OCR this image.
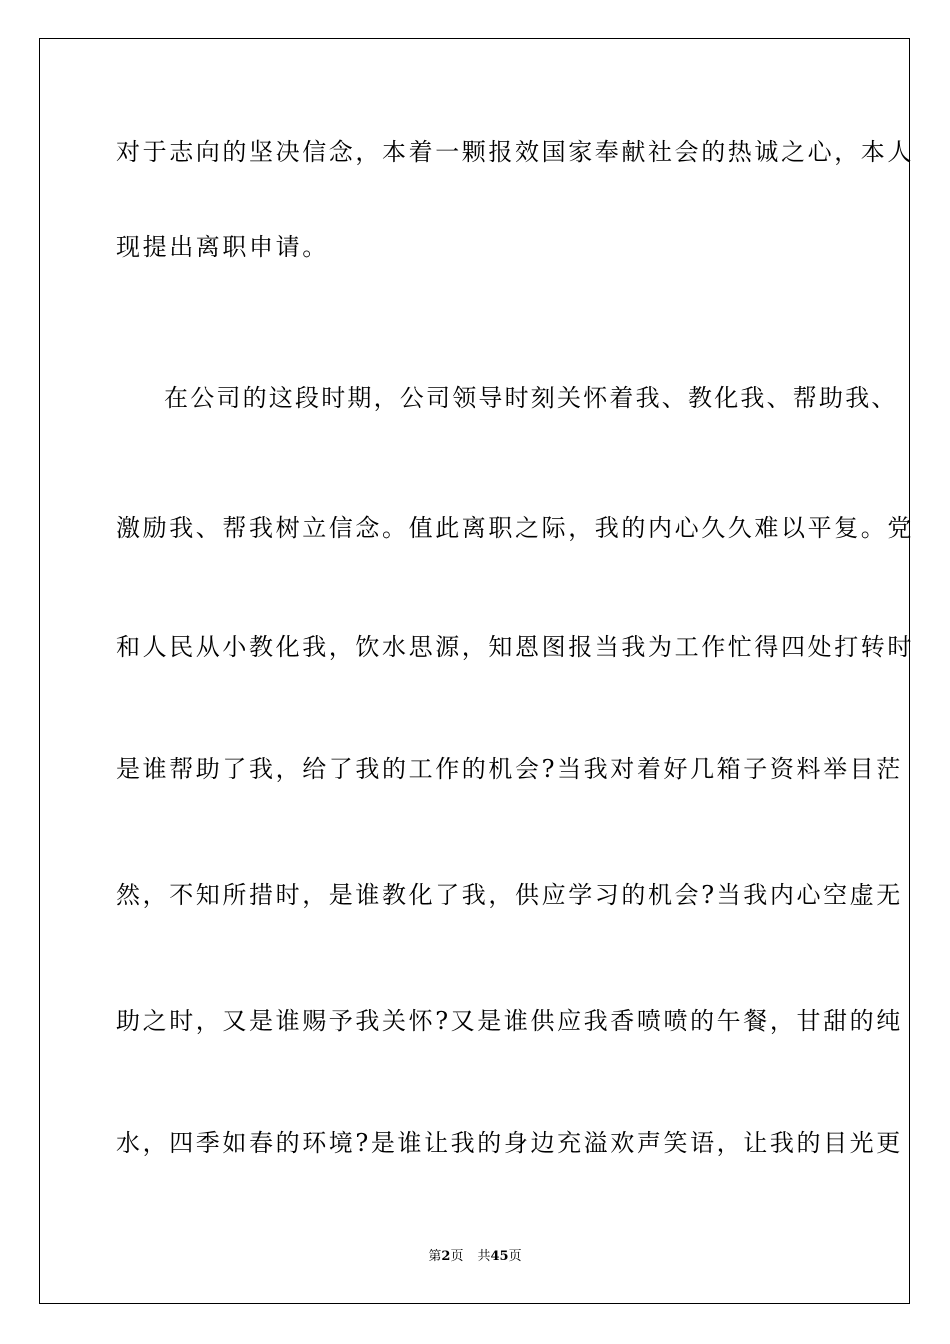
对于志向的坚决信念，本着一颗报效国家奉献社会的热诚之心，本人
现提出离职申请。
在公司的这段时期，公司领导时刻关怀着我、教化我、帮助我、
激励我、帮我树立信念。值此离职之际，我的内心久久难以平复。党
和人民从小教化我，饮水思源，知恩图报当我为工作忙得四处打转时
是谁帮助了我，给了我的工作的机会?当我对着好几箱子资料举目茫
然，不知所措时，是谁教化了我，供应学习的机会?当我内心空虚无
助之时，又是谁赐予我关怀?又是谁供应我香喷喷的午餐，甘甜的纯
水，四季如春的环境?是谁让我的身边充溢欢声笑语，让我的目光更
第2页 共45页
